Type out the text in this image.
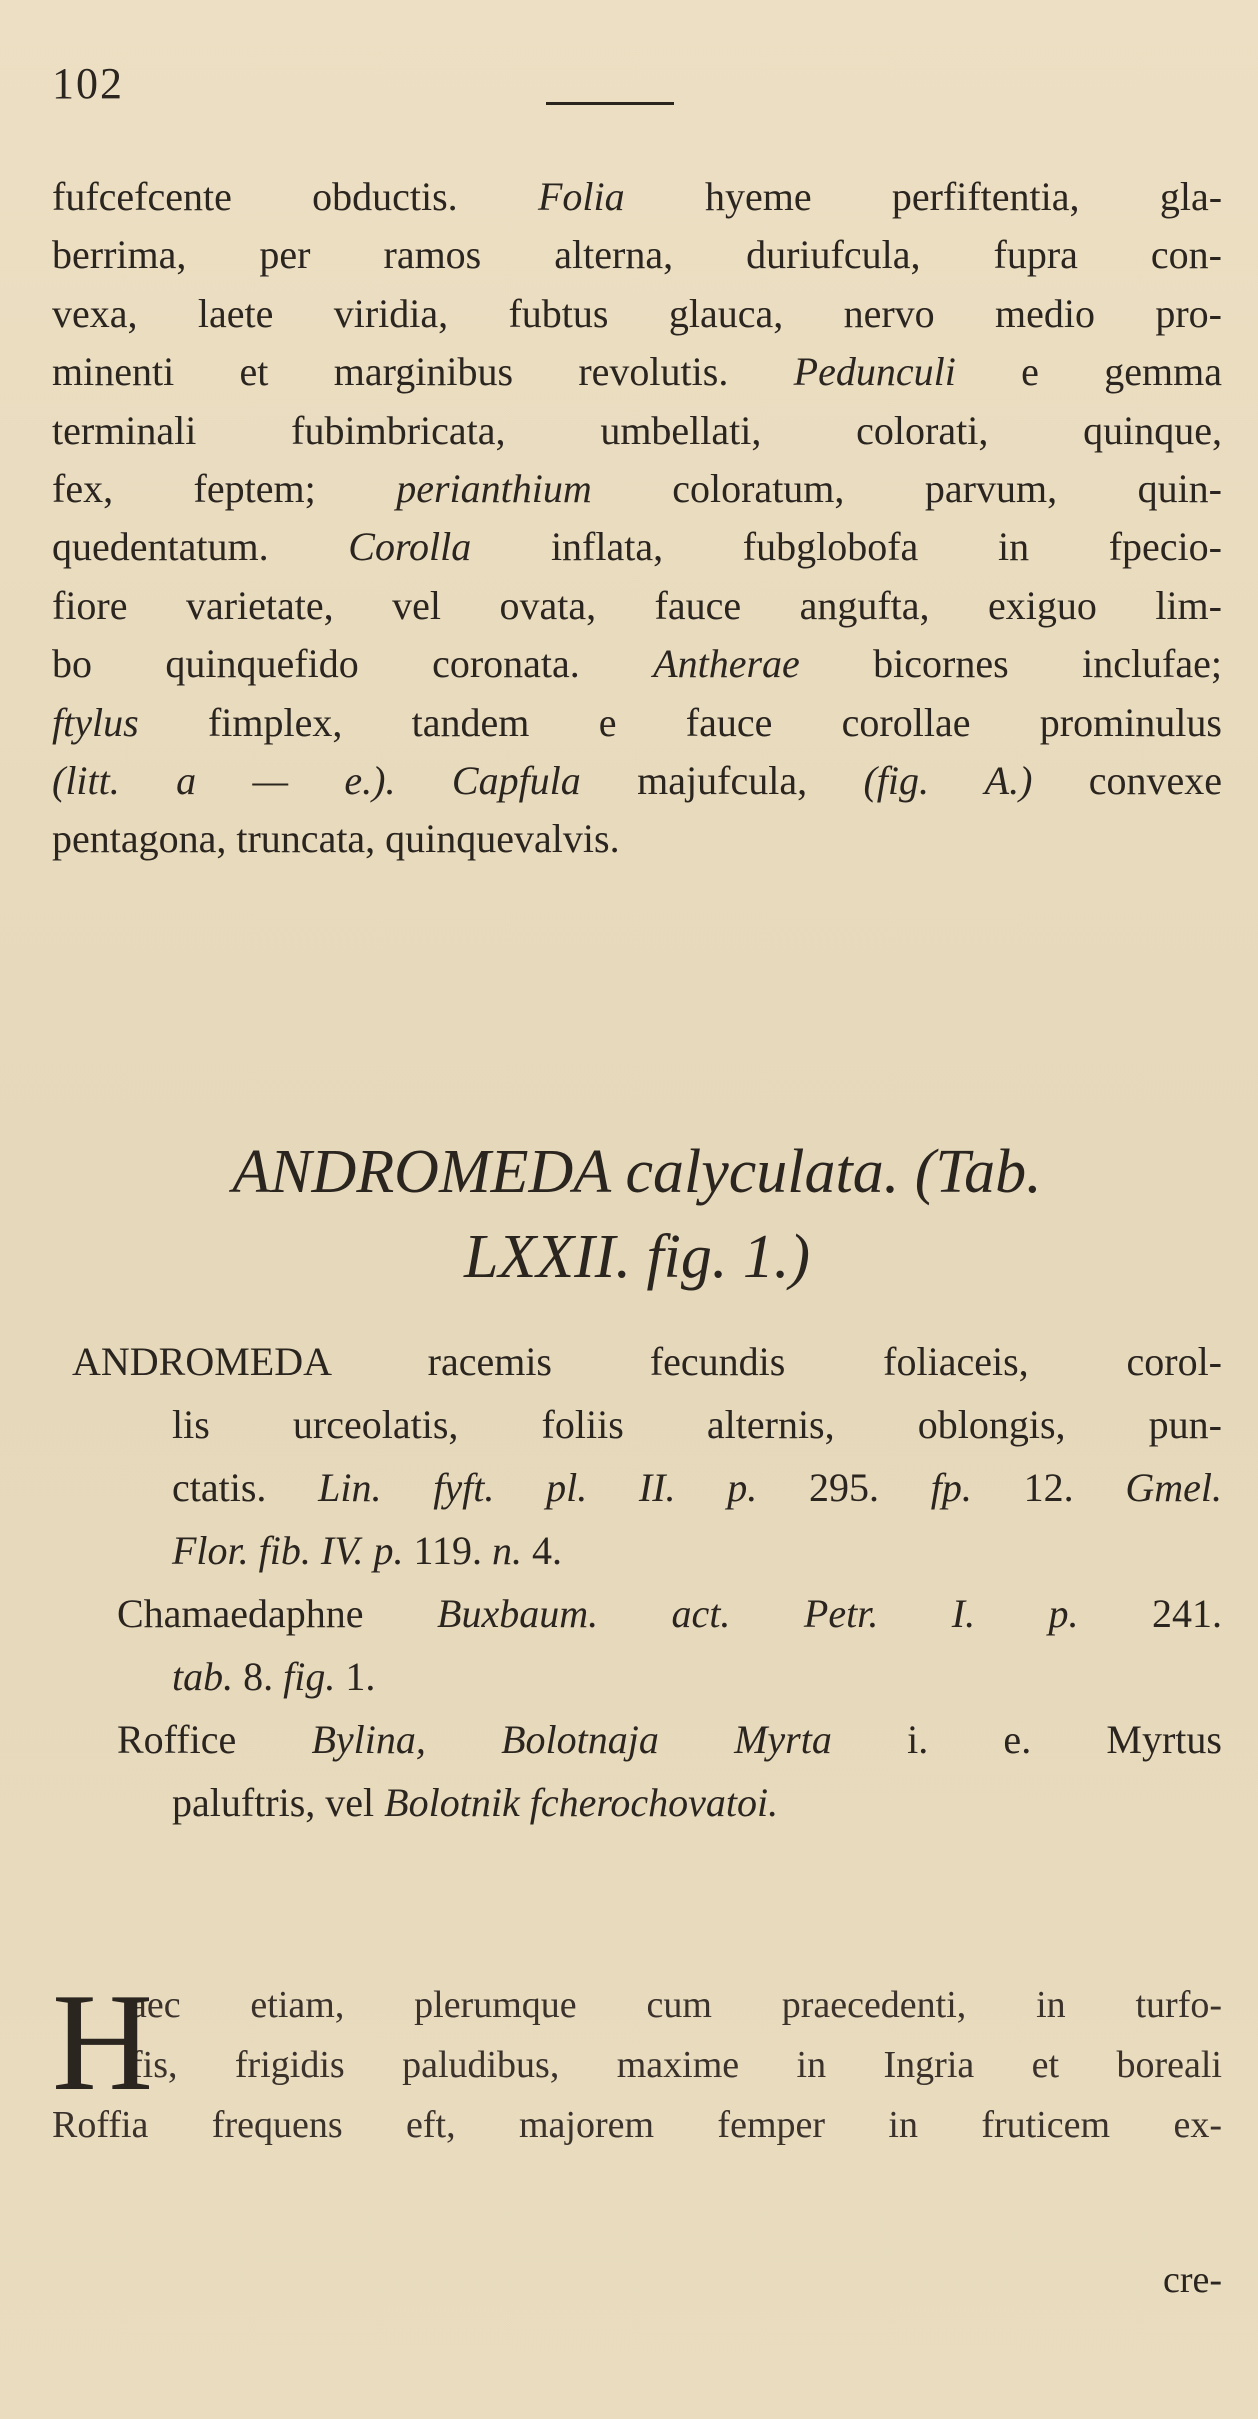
102
fufcefcente obductis. Folia hyeme perfiftentia, gla-
berrima, per ramos alterna, duriufcula, fupra con-
vexa, laete viridia, fubtus glauca, nervo medio pro-
minenti et marginibus revolutis. Pedunculi e gemma
terminali fubimbricata, umbellati, colorati, quinque,
fex, feptem; perianthium coloratum, parvum, quin-
quedentatum. Corolla inflata, fubglobofa in fpecio-
fiore varietate, vel ovata, fauce angufta, exiguo lim-
bo quinquefido coronata. Antherae bicornes inclufae;
ftylus fimplex, tandem e fauce corollae prominulus
(litt. a — e.). Capfula majufcula, (fig. A.) convexe
pentagona, truncata, quinquevalvis.
ANDROMEDA calyculata. (Tab.
LXXII. fig. 1.)
ANDROMEDA racemis fecundis foliaceis, corol-
lis urceolatis, foliis alternis, oblongis, pun-
ctatis. Lin. fyft. pl. II. p. 295. fp. 12. Gmel.
Flor. fib. IV. p. 119. n. 4.
Chamaedaphne Buxbaum. act. Petr. I. p. 241.
tab. 8. fig. 1.
Roffice Bylina, Bolotnaja Myrta i. e. Myrtus
paluftris, vel Bolotnik fcherochovatoi.
H
aec etiam, plerumque cum praecedenti, in turfo-
fis, frigidis paludibus, maxime in Ingria et boreali
Roffia frequens eft, majorem femper in fruticem ex-
cre-
